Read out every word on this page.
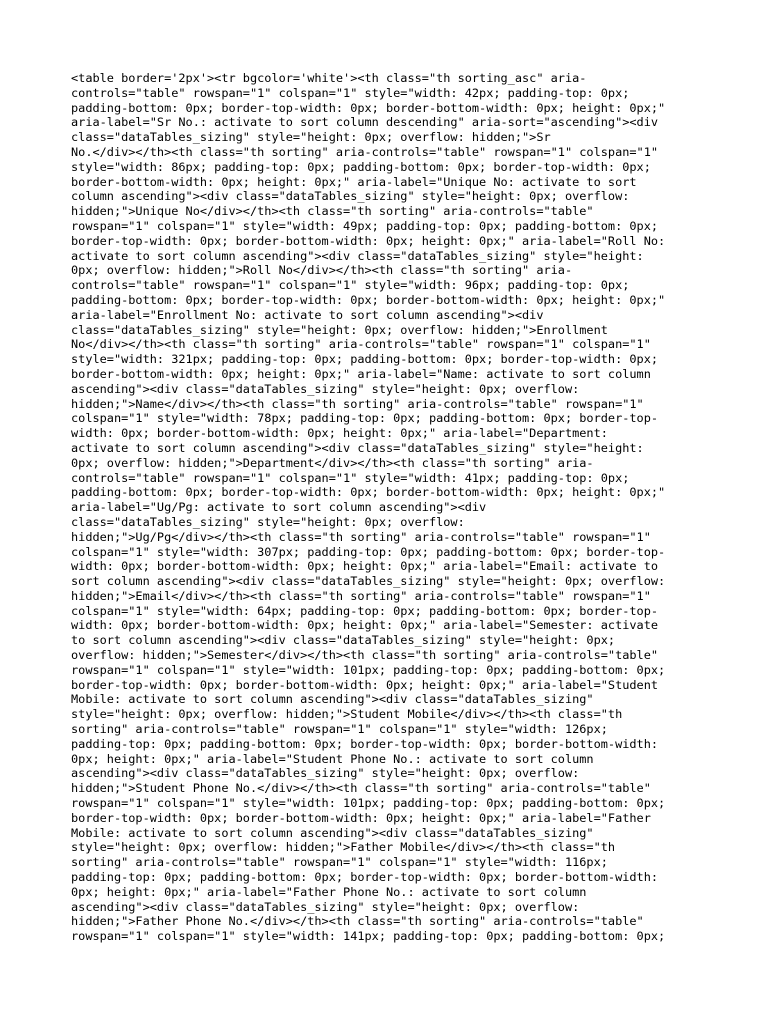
<table border='2px'><tr bgcolor='white'><th class="th sorting_asc" aria-
controls="table" rowspan="1" colspan="1" style="width: 42px; padding-top: 0px;
padding-bottom: 0px; border-top-width: 0px; border-bottom-width: 0px; height: 0px;"
aria-label="Sr No.: activate to sort column descending" aria-sort="ascending"><div
class="dataTables_sizing" style="height: 0px; overflow: hidden;">Sr
No.</div></th><th class="th sorting" aria-controls="table" rowspan="1" colspan="1"
style="width: 86px; padding-top: 0px; padding-bottom: 0px; border-top-width: 0px;
border-bottom-width: 0px; height: 0px;" aria-label="Unique No: activate to sort
column ascending"><div class="dataTables_sizing" style="height: 0px; overflow:
hidden;">Unique No</div></th><th class="th sorting" aria-controls="table"
rowspan="1" colspan="1" style="width: 49px; padding-top: 0px; padding-bottom: 0px;
border-top-width: 0px; border-bottom-width: 0px; height: 0px;" aria-label="Roll No:
activate to sort column ascending"><div class="dataTables_sizing" style="height:
0px; overflow: hidden;">Roll No</div></th><th class="th sorting" aria-
controls="table" rowspan="1" colspan="1" style="width: 96px; padding-top: 0px;
padding-bottom: 0px; border-top-width: 0px; border-bottom-width: 0px; height: 0px;"
aria-label="Enrollment No: activate to sort column ascending"><div
class="dataTables_sizing" style="height: 0px; overflow: hidden;">Enrollment
No</div></th><th class="th sorting" aria-controls="table" rowspan="1" colspan="1"
style="width: 321px; padding-top: 0px; padding-bottom: 0px; border-top-width: 0px;
border-bottom-width: 0px; height: 0px;" aria-label="Name: activate to sort column
ascending"><div class="dataTables_sizing" style="height: 0px; overflow:
hidden;">Name</div></th><th class="th sorting" aria-controls="table" rowspan="1"
colspan="1" style="width: 78px; padding-top: 0px; padding-bottom: 0px; border-top-
width: 0px; border-bottom-width: 0px; height: 0px;" aria-label="Department:
activate to sort column ascending"><div class="dataTables_sizing" style="height:
0px; overflow: hidden;">Department</div></th><th class="th sorting" aria-
controls="table" rowspan="1" colspan="1" style="width: 41px; padding-top: 0px;
padding-bottom: 0px; border-top-width: 0px; border-bottom-width: 0px; height: 0px;"
aria-label="Ug/Pg: activate to sort column ascending"><div
class="dataTables_sizing" style="height: 0px; overflow:
hidden;">Ug/Pg</div></th><th class="th sorting" aria-controls="table" rowspan="1"
colspan="1" style="width: 307px; padding-top: 0px; padding-bottom: 0px; border-top-
width: 0px; border-bottom-width: 0px; height: 0px;" aria-label="Email: activate to
sort column ascending"><div class="dataTables_sizing" style="height: 0px; overflow:
hidden;">Email</div></th><th class="th sorting" aria-controls="table" rowspan="1"
colspan="1" style="width: 64px; padding-top: 0px; padding-bottom: 0px; border-top-
width: 0px; border-bottom-width: 0px; height: 0px;" aria-label="Semester: activate
to sort column ascending"><div class="dataTables_sizing" style="height: 0px;
overflow: hidden;">Semester</div></th><th class="th sorting" aria-controls="table"
rowspan="1" colspan="1" style="width: 101px; padding-top: 0px; padding-bottom: 0px;
border-top-width: 0px; border-bottom-width: 0px; height: 0px;" aria-label="Student
Mobile: activate to sort column ascending"><div class="dataTables_sizing"
style="height: 0px; overflow: hidden;">Student Mobile</div></th><th class="th
sorting" aria-controls="table" rowspan="1" colspan="1" style="width: 126px;
padding-top: 0px; padding-bottom: 0px; border-top-width: 0px; border-bottom-width:
0px; height: 0px;" aria-label="Student Phone No.: activate to sort column
ascending"><div class="dataTables_sizing" style="height: 0px; overflow:
hidden;">Student Phone No.</div></th><th class="th sorting" aria-controls="table"
rowspan="1" colspan="1" style="width: 101px; padding-top: 0px; padding-bottom: 0px;
border-top-width: 0px; border-bottom-width: 0px; height: 0px;" aria-label="Father
Mobile: activate to sort column ascending"><div class="dataTables_sizing"
style="height: 0px; overflow: hidden;">Father Mobile</div></th><th class="th
sorting" aria-controls="table" rowspan="1" colspan="1" style="width: 116px;
padding-top: 0px; padding-bottom: 0px; border-top-width: 0px; border-bottom-width:
0px; height: 0px;" aria-label="Father Phone No.: activate to sort column
ascending"><div class="dataTables_sizing" style="height: 0px; overflow:
hidden;">Father Phone No.</div></th><th class="th sorting" aria-controls="table"
rowspan="1" colspan="1" style="width: 141px; padding-top: 0px; padding-bottom: 0px;
